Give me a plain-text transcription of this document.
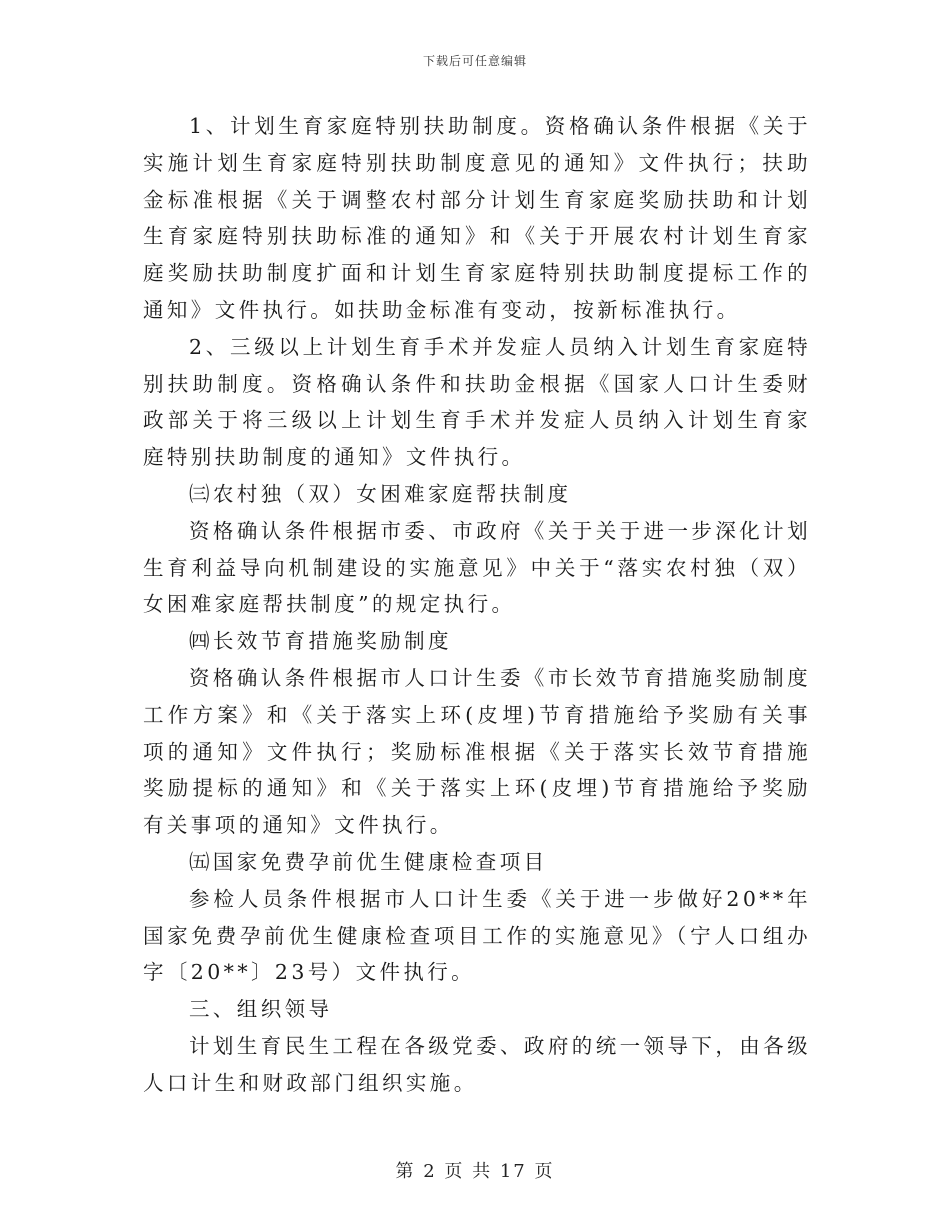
下载后可任意编辑

1、计划生育家庭特别扶助制度。资格确认条件根据《关于实施计划生育家庭特别扶助制度意见的通知》文件执行；扶助金标准根据《关于调整农村部分计划生育家庭奖励扶助和计划生育家庭特别扶助标准的通知》和《关于开展农村计划生育家庭奖励扶助制度扩面和计划生育家庭特别扶助制度提标工作的通知》文件执行。如扶助金标准有变动，按新标准执行。

2、三级以上计划生育手术并发症人员纳入计划生育家庭特别扶助制度。资格确认条件和扶助金根据《国家人口计生委财政部关于将三级以上计划生育手术并发症人员纳入计划生育家庭特别扶助制度的通知》文件执行。

㈢农村独（双）女困难家庭帮扶制度

资格确认条件根据市委、市政府《关于关于进一步深化计划生育利益导向机制建设的实施意见》中关于“落实农村独（双）女困难家庭帮扶制度”的规定执行。

㈣长效节育措施奖励制度

资格确认条件根据市人口计生委《市长效节育措施奖励制度工作方案》和《关于落实上环(皮埋)节育措施给予奖励有关事项的通知》文件执行；奖励标准根据《关于落实长效节育措施奖励提标的通知》和《关于落实上环(皮埋)节育措施给予奖励有关事项的通知》文件执行。

㈤国家免费孕前优生健康检查项目

参检人员条件根据市人口计生委《关于进一步做好20**年国家免费孕前优生健康检查项目工作的实施意见》（宁人口组办字〔20**〕23号）文件执行。

三、组织领导

计划生育民生工程在各级党委、政府的统一领导下，由各级人口计生和财政部门组织实施。

第 2 页 共 17 页
